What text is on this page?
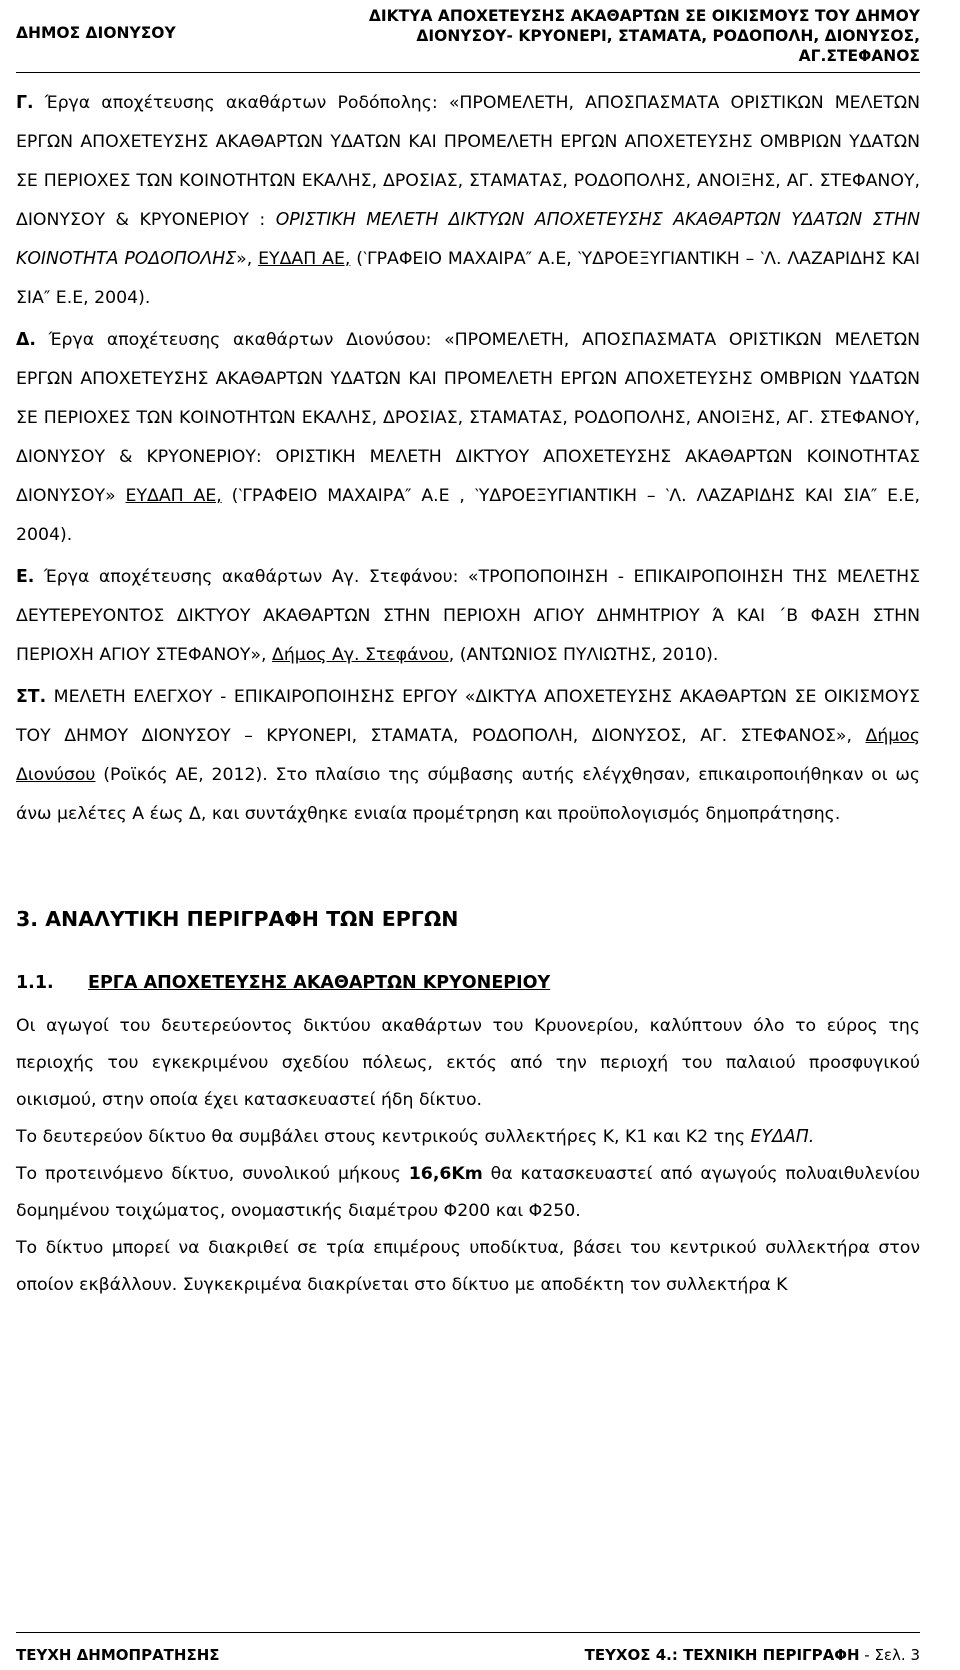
ΔΗΜΟΣ ΔΙΟΝΥΣΟΥ
ΔΙΚΤΥΑ ΑΠΟΧΕΤΕΥΣΗΣ ΑΚΑΘΑΡΤΩΝ ΣΕ ΟΙΚΙΣΜΟΥΣ ΤΟΥ ΔΗΜΟΥ
ΔΙΟΝΥΣΟΥ- ΚΡΥΟΝΕΡΙ, ΣΤΑΜΑΤΑ, ΡΟΔΟΠΟΛΗ, ΔΙΟΝΥΣΟΣ,
ΑΓ.ΣΤΕΦΑΝΟΣ

Γ. Έργα αποχέτευσης ακαθάρτων Ροδόπολης: «ΠΡΟΜΕΛΕΤΗ, ΑΠΟΣΠΑΣΜΑΤΑ ΟΡΙΣΤΙΚΩΝ ΜΕΛΕΤΩΝ ΕΡΓΩΝ ΑΠΟΧΕΤΕΥΣΗΣ ΑΚΑΘΑΡΤΩΝ ΥΔΑΤΩΝ ΚΑΙ ΠΡΟΜΕΛΕΤΗ ΕΡΓΩΝ ΑΠΟΧΕΤΕΥΣΗΣ ΟΜΒΡΙΩΝ ΥΔΑΤΩΝ ΣΕ ΠΕΡΙΟΧΕΣ ΤΩΝ ΚΟΙΝΟΤΗΤΩΝ ΕΚΑΛΗΣ, ΔΡΟΣΙΑΣ, ΣΤΑΜΑΤΑΣ, ΡΟΔΟΠΟΛΗΣ, ΑΝΟΙΞΗΣ, ΑΓ. ΣΤΕΦΑΝΟΥ, ΔΙΟΝΥΣΟΥ & ΚΡΥΟΝΕΡΙΟΥ : ΟΡΙΣΤΙΚΗ ΜΕΛΕΤΗ ΔΙΚΤΥΩΝ ΑΠΟΧΕΤΕΥΣΗΣ ΑΚΑΘΑΡΤΩΝ ΥΔΑΤΩΝ ΣΤΗΝ ΚΟΙΝΟΤΗΤΑ ΡΟΔΟΠΟΛΗΣ», ΕΥΔΑΠ ΑΕ, (‵ΓΡΑΦΕΙΟ ΜΑΧΑΙΡΑ″ Α.Ε, ‵ΥΔΡΟΕΞΥΓΙΑΝΤΙΚΗ – ‵Λ. ΛΑΖΑΡΙΔΗΣ ΚΑΙ ΣΙΑ″ Ε.Ε, 2004).

Δ. Έργα αποχέτευσης ακαθάρτων Διονύσου: «ΠΡΟΜΕΛΕΤΗ, ΑΠΟΣΠΑΣΜΑΤΑ ΟΡΙΣΤΙΚΩΝ ΜΕΛΕΤΩΝ ΕΡΓΩΝ ΑΠΟΧΕΤΕΥΣΗΣ ΑΚΑΘΑΡΤΩΝ ΥΔΑΤΩΝ ΚΑΙ ΠΡΟΜΕΛΕΤΗ ΕΡΓΩΝ ΑΠΟΧΕΤΕΥΣΗΣ ΟΜΒΡΙΩΝ ΥΔΑΤΩΝ ΣΕ ΠΕΡΙΟΧΕΣ ΤΩΝ ΚΟΙΝΟΤΗΤΩΝ ΕΚΑΛΗΣ, ΔΡΟΣΙΑΣ, ΣΤΑΜΑΤΑΣ, ΡΟΔΟΠΟΛΗΣ, ΑΝΟΙΞΗΣ, ΑΓ. ΣΤΕΦΑΝΟΥ, ΔΙΟΝΥΣΟΥ & ΚΡΥΟΝΕΡΙΟΥ: ΟΡΙΣΤΙΚΗ ΜΕΛΕΤΗ ΔΙΚΤΥΟΥ ΑΠΟΧΕΤΕΥΣΗΣ ΑΚΑΘΑΡΤΩΝ ΚΟΙΝΟΤΗΤΑΣ ΔΙΟΝΥΣΟΥ» ΕΥΔΑΠ ΑΕ, (‵ΓΡΑΦΕΙΟ ΜΑΧΑΙΡΑ″ Α.Ε , ‵ΥΔΡΟΕΞΥΓΙΑΝΤΙΚΗ – ‵Λ. ΛΑΖΑΡΙΔΗΣ ΚΑΙ ΣΙΑ″ Ε.Ε, 2004).

Ε. Έργα αποχέτευσης ακαθάρτων Αγ. Στεφάνου: «ΤΡΟΠΟΠΟΙΗΣΗ - ΕΠΙΚΑΙΡΟΠΟΙΗΣΗ ΤΗΣ ΜΕΛΕΤΗΣ ΔΕΥΤΕΡΕΥΟΝΤΟΣ ΔΙΚΤΥΟΥ ΑΚΑΘΑΡΤΩΝ ΣΤΗΝ ΠΕΡΙΟΧΗ ΑΓΙΟΥ ΔΗΜΗΤΡΙΟΥ Ά ΚΑΙ ΄Β ΦΑΣΗ ΣΤΗΝ ΠΕΡΙΟΧΗ ΑΓΙΟΥ ΣΤΕΦΑΝΟΥ», Δήμος Αγ. Στεφάνου, (ΑΝΤΩΝΙΟΣ ΠΥΛΙΩΤΗΣ, 2010).

ΣΤ. ΜΕΛΕΤΗ ΕΛΕΓΧΟΥ - ΕΠΙΚΑΙΡΟΠΟΙΗΣΗΣ ΕΡΓΟΥ «ΔΙΚΤΥΑ ΑΠΟΧΕΤΕΥΣΗΣ ΑΚΑΘΑΡΤΩΝ ΣΕ ΟΙΚΙΣΜΟΥΣ ΤΟΥ ΔΗΜΟΥ ΔΙΟΝΥΣΟΥ – ΚΡΥΟΝΕΡΙ, ΣΤΑΜΑΤΑ, ΡΟΔΟΠΟΛΗ, ΔΙΟΝΥΣΟΣ, ΑΓ. ΣΤΕΦΑΝΟΣ», Δήμος Διονύσου (Ροϊκός ΑΕ, 2012). Στο πλαίσιο της σύμβασης αυτής ελέγχθησαν, επικαιροποιήθηκαν οι ως άνω μελέτες Α έως Δ, και συντάχθηκε ενιαία προμέτρηση και προϋπολογισμός δημοπράτησης.

3. ΑΝΑΛΥΤΙΚΗ ΠΕΡΙΓΡΑΦΗ ΤΩΝ ΕΡΓΩΝ
1.1. ΕΡΓΑ ΑΠΟΧΕΤΕΥΣΗΣ ΑΚΑΘΑΡΤΩΝ ΚΡΥΟΝΕΡΙΟΥ

Οι αγωγοί του δευτερεύοντος δικτύου ακαθάρτων του Κρυονερίου, καλύπτουν όλο το εύρος της περιοχής του εγκεκριμένου σχεδίου πόλεως, εκτός από την περιοχή του παλαιού προσφυγικού οικισμού, στην οποία έχει κατασκευαστεί ήδη δίκτυο.

Το δευτερεύον δίκτυο θα συμβάλει στους κεντρικούς συλλεκτήρες Κ, Κ1 και Κ2 της ΕΥΔΑΠ.

Το προτεινόμενο δίκτυο, συνολικού μήκους 16,6Km θα κατασκευαστεί από αγωγούς πολυαιθυλενίου δομημένου τοιχώματος, ονομαστικής διαμέτρου Φ200 και Φ250.

Το δίκτυο μπορεί να διακριθεί σε τρία επιμέρους υποδίκτυα, βάσει του κεντρικού συλλεκτήρα στον οποίον εκβάλλουν. Συγκεκριμένα διακρίνεται στο δίκτυο με αποδέκτη τον συλλεκτήρα Κ

ΤΕΥΧΗ ΔΗΜΟΠΡΑΤΗΣΗΣ	ΤΕΥΧΟΣ 4.: ΤΕΧΝΙΚΗ ΠΕΡΙΓΡΑΦΗ - Σελ. 3
